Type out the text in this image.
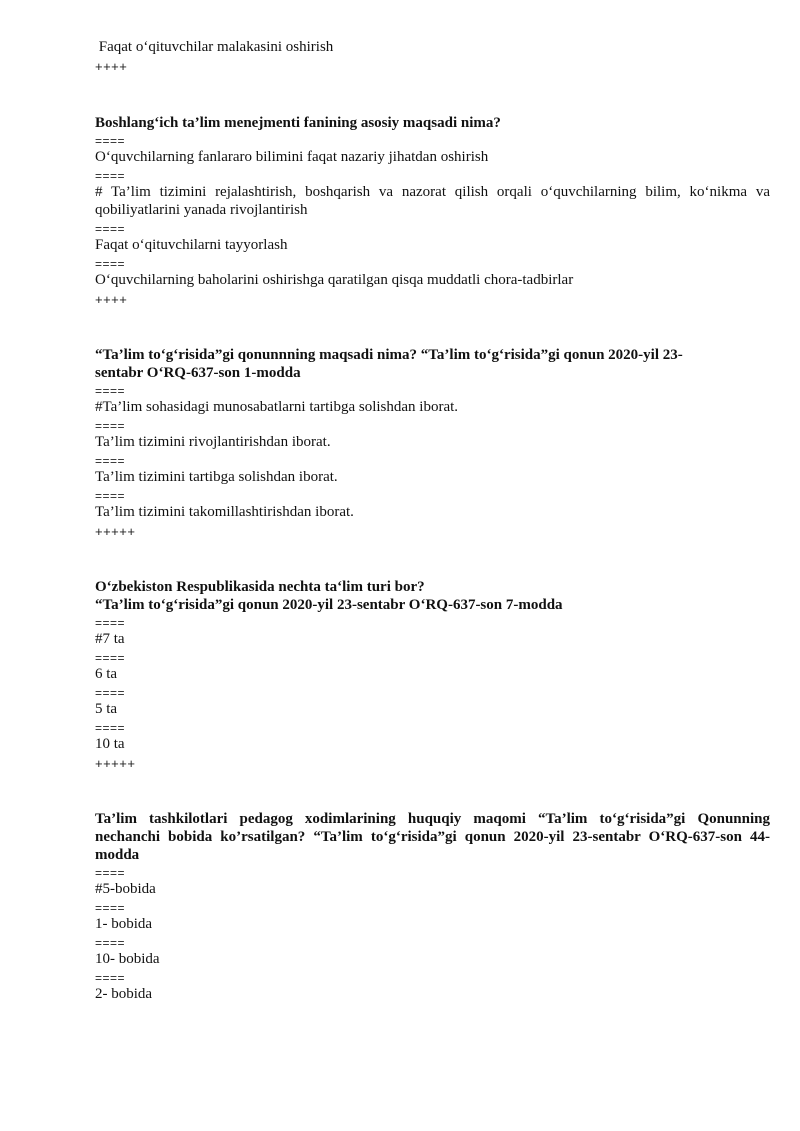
Faqat o‘qituvchilar malakasini oshirish

++++

Boshlang‘ich ta’lim menejmenti fanining asosiy maqsadi nima?

====

O‘quvchilarning fanlararo bilimini faqat nazariy jihatdan oshirish

====

# Ta’lim tizimini rejalashtirish, boshqarish va nazorat qilish orqali o‘quvchilarning bilim, ko‘nikma va qobiliyatlarini yanada rivojlantirish

====

Faqat o‘qituvchilarni tayyorlash

====

O‘quvchilarning baholarini oshirishga qaratilgan qisqa muddatli chora-tadbirlar

++++

“Ta’lim to‘g‘risida”gi qonunnning maqsadi nima? “Ta’lim to‘g‘risida”gi qonun 2020-yil 23-sentabr O‘RQ-637-son 1-modda

====

#Ta’lim sohasidagi munosabatlarni tartibga solishdan iborat.

====

Ta’lim tizimini rivojlantirishdan iborat.

====

Ta’lim tizimini tartibga solishdan iborat.

====

Ta’lim tizimini takomillashtirishdan iborat.

+++++

O‘zbekiston Respublikasida nechta ta‘lim turi bor?

“Ta’lim to‘g‘risida”gi qonun 2020-yil 23-sentabr O‘RQ-637-son 7-modda

====

#7 ta

====

6 ta

====

5 ta

====

10 ta

+++++

Ta’lim tashkilotlari pedagog xodimlarining huquqiy maqomi “Ta’lim to‘g‘risida”gi Qonunning nechanchi bobida ko’rsatilgan? “Ta’lim to‘g‘risida”gi qonun 2020-yil 23-sentabr O‘RQ-637-son 44-modda

====

#5-bobida

====

1- bobida

====

10- bobida

====

2- bobida
